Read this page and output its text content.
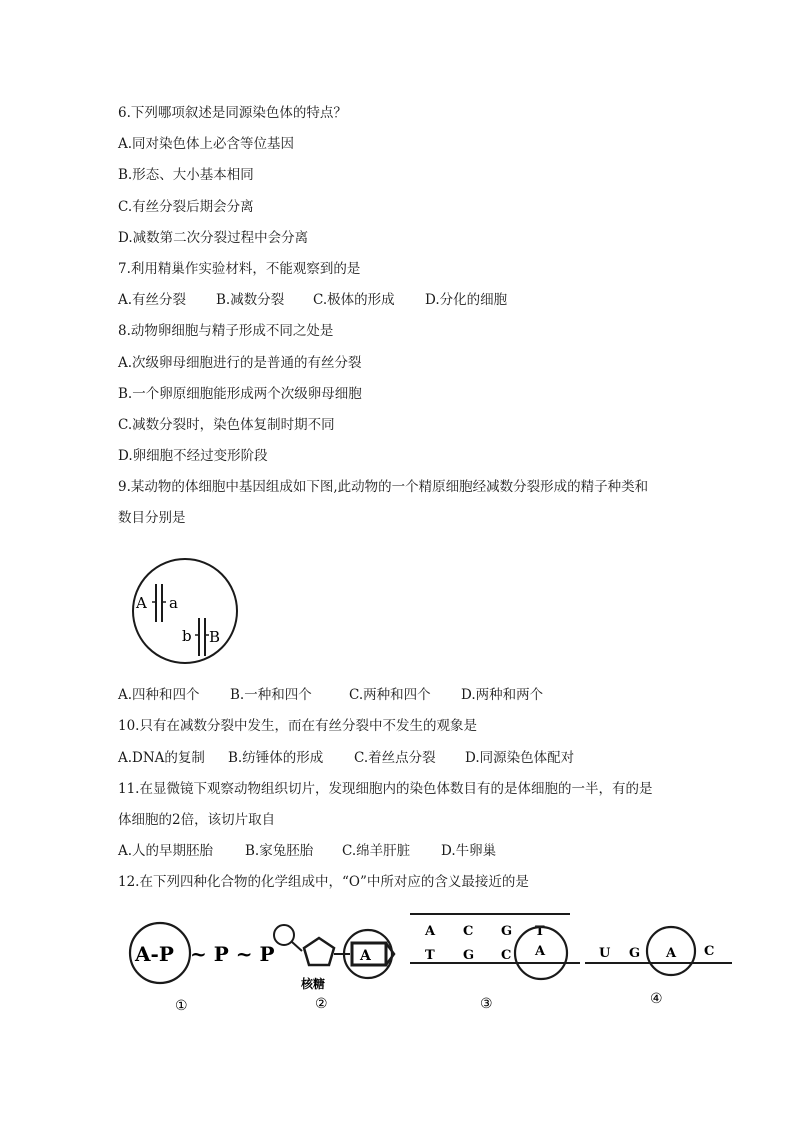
6.下列哪项叙述是同源染色体的特点？
A.同对染色体上必含等位基因
B.形态、大小基本相同
C.有丝分裂后期会分离
D.减数第二次分裂过程中会分离
7.利用精巢作实验材料，不能观察到的是
A.有丝分裂 B.减数分裂 C.极体的形成 D.分化的细胞
8.动物卵细胞与精子形成不同之处是
A.次级卵母细胞进行的是普通的有丝分裂
B.一个卵原细胞能形成两个次级卵母细胞
C.减数分裂时，染色体复制时期不同
D.卵细胞不经过变形阶段
9.某动物的体细胞中基因组成如下图,此动物的一个精原细胞经减数分裂形成的精子种类和
数目分别是
A a
b B
A.四种和四个 B.一种和四个	C.两种和四个 D.两种和两个
10.只有在减数分裂中发生，而在有丝分裂中不发生的观象是
A.DNA的复制 B.纺锤体的形成 C.着丝点分裂 D.同源染色体配对
11.在显微镜下观察动物组织切片，发现细胞内的染色体数目有的是体细胞的一半，有的是
体细胞的2倍，该切片取自
A.人的早期胚胎 B.家兔胚胎 C.绵羊肝脏 D.牛卵巢
12.在下列四种化合物的化学组成中，“O”中所对应的含义最接近的是
A-P ~ P ~ P
①
A
核糖
②
A C G T
T G C A
③
U G A C
④
